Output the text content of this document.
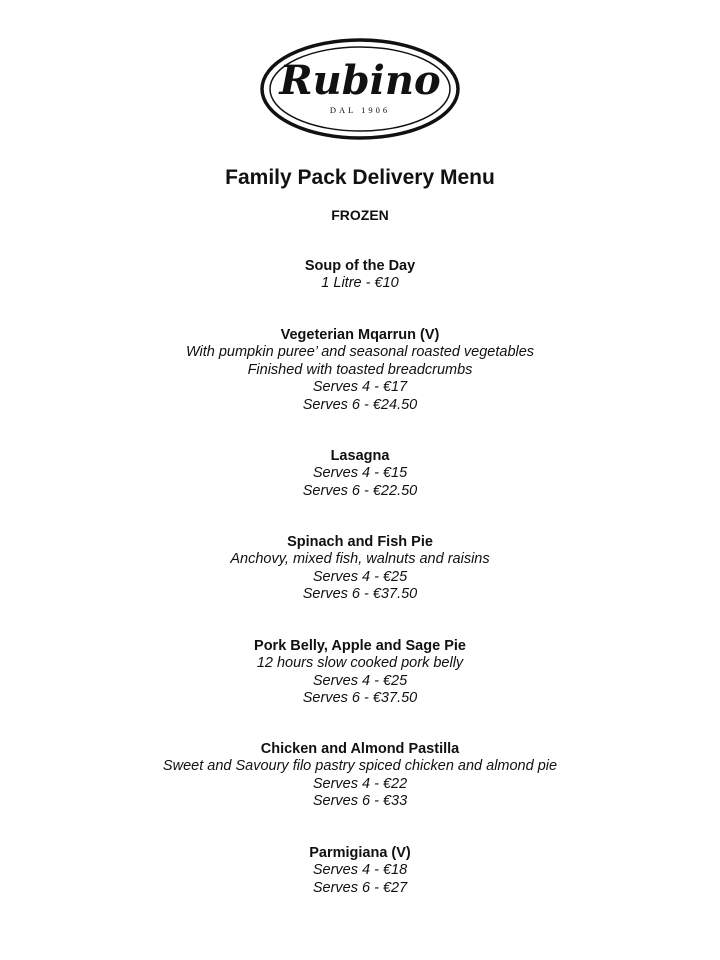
Rubino
DAL 1906
Family Pack Delivery Menu
FROZEN
Soup of the Day
1 Litre - €10
Vegeterian Mqarrun (V)
With pumpkin puree’ and seasonal roasted vegetables
Finished with toasted breadcrumbs
Serves 4 - €17
Serves 6 - €24.50
Lasagna
Serves 4 - €15
Serves 6 - €22.50
Spinach and Fish Pie
Anchovy, mixed fish, walnuts and raisins
Serves 4 - €25
Serves 6 - €37.50
Pork Belly, Apple and Sage Pie
12 hours slow cooked pork belly
Serves 4 - €25
Serves 6 - €37.50
Chicken and Almond Pastilla
Sweet and Savoury filo pastry spiced chicken and almond pie
Serves 4 - €22
Serves 6 - €33
Parmigiana (V)
Serves 4 - €18
Serves 6 - €27
